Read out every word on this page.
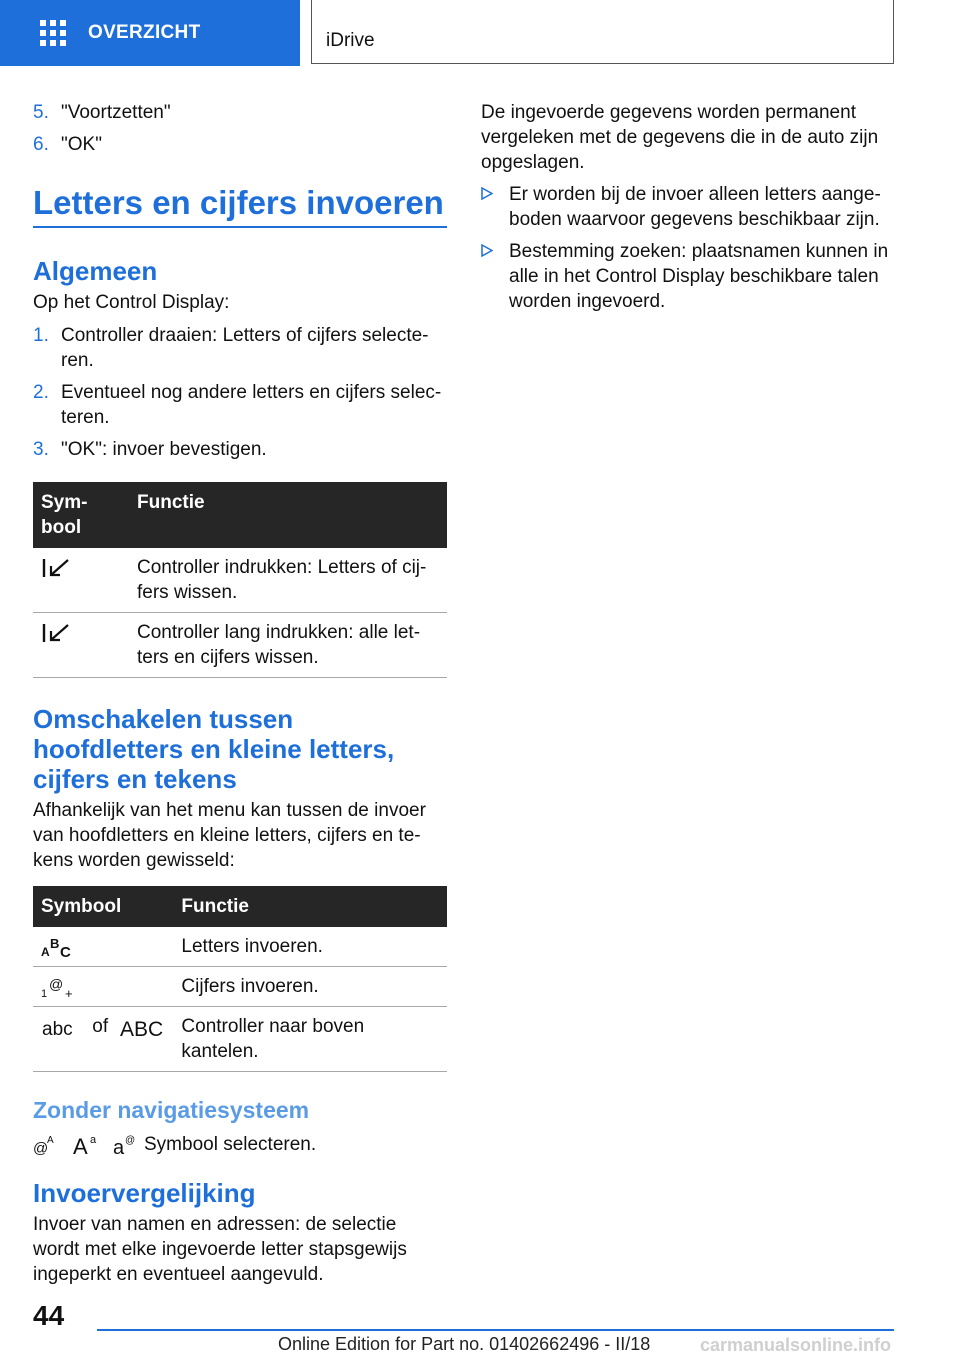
OVERZICHT	iDrive
5. "Voortzetten"
6. "OK"
Letters en cijfers invoeren
Algemeen

Op het Control Display:

1. Controller draaien: Letters of cijfers selecte-ren.
2. Eventueel nog andere letters en cijfers selec-teren.
3. "OK": invoer bevestigen.
Sym-bool	Functie
	Controller indrukken: Letters of cij-fers wissen.
	Controller lang indrukken: alle let-ters en cijfers wissen.
Omschakelen tussen hoofdletters en kleine letters, cijfers en tekens

Afhankelijk van het menu kan tussen de invoer van hoofdletters en kleine letters, cijfers en te-kens worden gewisseld:

Symbool	Functie

A
B
C	Letters invoeren.

1
@
+	Cijfers invoeren.

abc of ABC	Controller naar boven kantelen.
Zonder navigatiesysteem
@
A A a a @ Symbool selecteren.
Invoervergelijking

Invoer van namen en adressen: de selectie wordt met elke ingevoerde letter stapsgewijs ingeperkt en eventueel aangevuld.

De ingevoerde gegevens worden permanent vergeleken met de gegevens die in de auto zijn opgeslagen.

Er worden bij de invoer alleen letters aange-boden waarvoor gegevens beschikbaar zijn.
Bestemming zoeken: plaatsnamen kunnen in alle in het Control Display beschikbare talen worden ingevoerd.
44
Online Edition for Part no. 01402662496 - II/18	carmanualsonline.info
